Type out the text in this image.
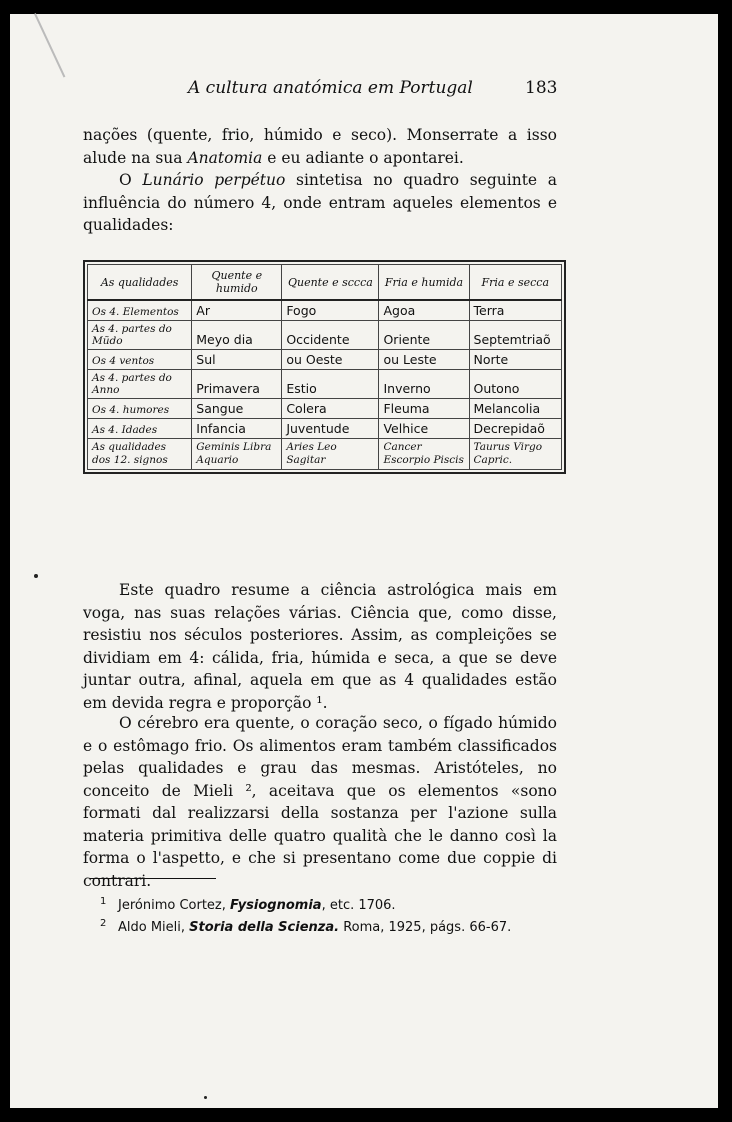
A cultura anatómica em Portugal	183

nações (quente, frio, húmido e seco). Monserrate a isso alude na sua Anatomia e eu adiante o apontarei.

O Lunário perpétuo sintetisa no quadro seguinte a influência do número 4, onde entram aqueles elementos e qualidades:

As qualidades	Quente e humido	Quente e sccca	Fria e humida	Fria e secca
Os 4. Elementos	Ar	Fogo	Agoa	Terra
As 4. partes do Mũdo	Meyo dia	Occidente	Oriente	Septemtriaõ
Os 4 ventos	Sul	ou Oeste	ou Leste	Norte
As 4. partes do Anno	Primavera	Estio	Inverno	Outono
Os 4. humores	Sangue	Colera	Fleuma	Melancolia
As 4. Idades	Infancia	Juventude	Velhice	Decrepidaõ
As qualidades dos 12. signos	Geminis Libra Aquario	Aries Leo Sagitar	Cancer Escorpio Piscis	Taurus Virgo Capric.

Este quadro resume a ciência astrológica mais em voga, nas suas relações várias. Ciência que, como disse, resistiu nos séculos posteriores. Assim, as compleições se dividiam em 4: cálida, fria, húmida e seca, a que se deve juntar outra, afinal, aquela em que as 4 qualidades estão em devida regra e proporção ¹.

O cérebro era quente, o coração seco, o fígado húmido e o estômago frio. Os alimentos eram também classificados pelas qualidades e grau das mesmas. Aristóteles, no conceito de Mieli ², aceitava que os elementos «sono formati dal realizzarsi della sostanza per l'azione sulla materia primitiva delle quatro qualità che le danno così la forma o l'aspetto, e che si presentano come due coppie di contrari.

1 Jerónimo Cortez, Fysiognomia, etc. 1706.
2 Aldo Mieli, Storia della Scienza. Roma, 1925, págs. 66-67.
